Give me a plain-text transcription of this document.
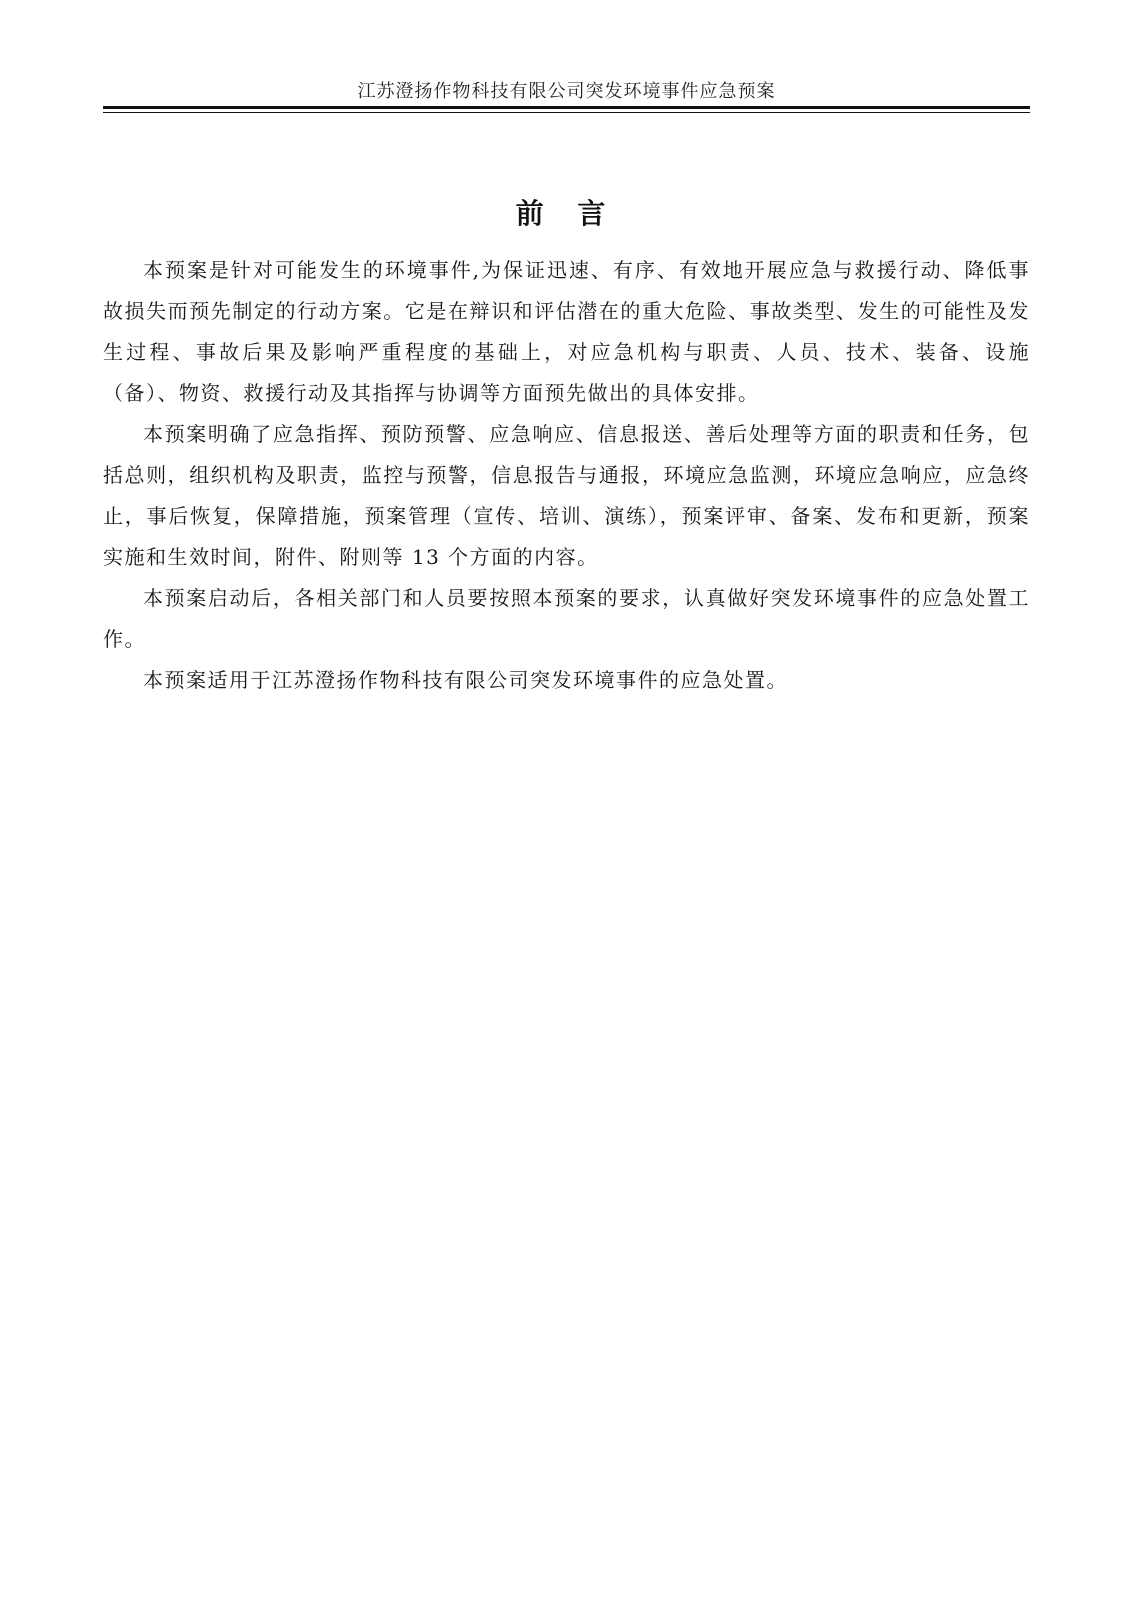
江苏澄扬作物科技有限公司突发环境事件应急预案
前 言

本预案是针对可能发生的环境事件,为保证迅速、有序、有效地开展应急与救援行动、降低事故损失而预先制定的行动方案。它是在辩识和评估潜在的重大危险、事故类型、发生的可能性及发生过程、事故后果及影响严重程度的基础上，对应急机构与职责、人员、技术、装备、设施（备）、物资、救援行动及其指挥与协调等方面预先做出的具体安排。

本预案明确了应急指挥、预防预警、应急响应、信息报送、善后处理等方面的职责和任务，包括总则，组织机构及职责，监控与预警，信息报告与通报，环境应急监测，环境应急响应，应急终止，事后恢复，保障措施，预案管理（宣传、培训、演练），预案评审、备案、发布和更新，预案实施和生效时间，附件、附则等 13 个方面的内容。

本预案启动后，各相关部门和人员要按照本预案的要求，认真做好突发环境事件的应急处置工作。

本预案适用于江苏澄扬作物科技有限公司突发环境事件的应急处置。
